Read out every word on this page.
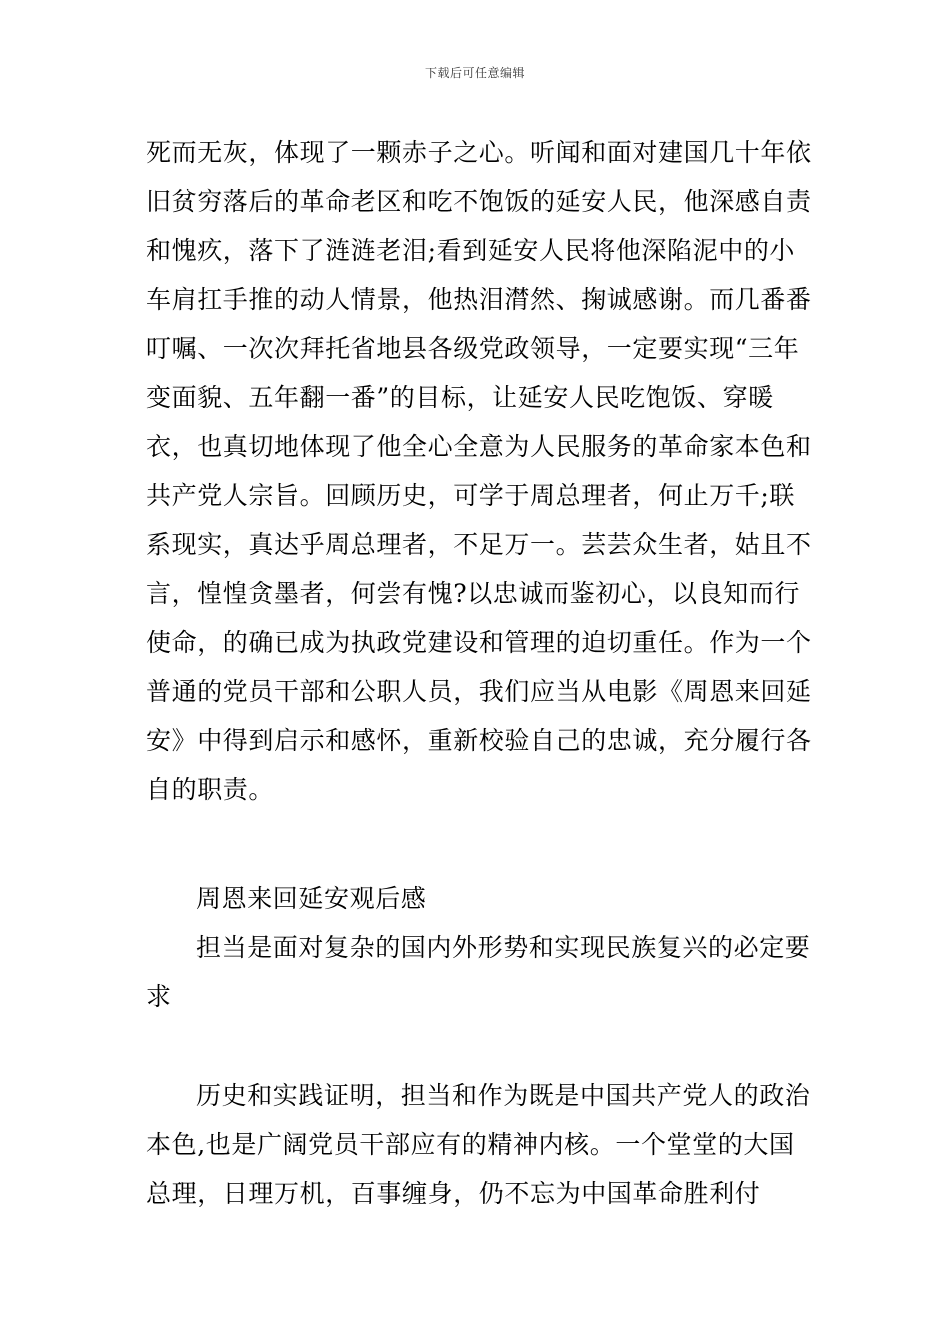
下载后可任意编辑

死而无灰，体现了一颗赤子之心。听闻和面对建国几十年依旧贫穷落后的革命老区和吃不饱饭的延安人民，他深感自责和愧疚，落下了涟涟老泪;看到延安人民将他深陷泥中的小车肩扛手推的动人情景，他热泪潸然、掬诚感谢。而几番番叮嘱、一次次拜托省地县各级党政领导，一定要实现“三年变面貌、五年翻一番”的目标，让延安人民吃饱饭、穿暖衣，也真切地体现了他全心全意为人民服务的革命家本色和共产党人宗旨。回顾历史，可学于周总理者，何止万千;联系现实，真达乎周总理者，不足万一。芸芸众生者，姑且不言，惶惶贪墨者，何尝有愧?以忠诚而鉴初心，以良知而行使命，的确已成为执政党建设和管理的迫切重任。作为一个普通的党员干部和公职人员，我们应当从电影《周恩来回延安》中得到启示和感怀，重新校验自己的忠诚，充分履行各自的职责。

周恩来回延安观后感

担当是面对复杂的国内外形势和实现民族复兴的必定要求

历史和实践证明，担当和作为既是中国共产党人的政治本色,也是广阔党员干部应有的精神内核。一个堂堂的大国总理，日理万机，百事缠身，仍不忘为中国革命胜利付
